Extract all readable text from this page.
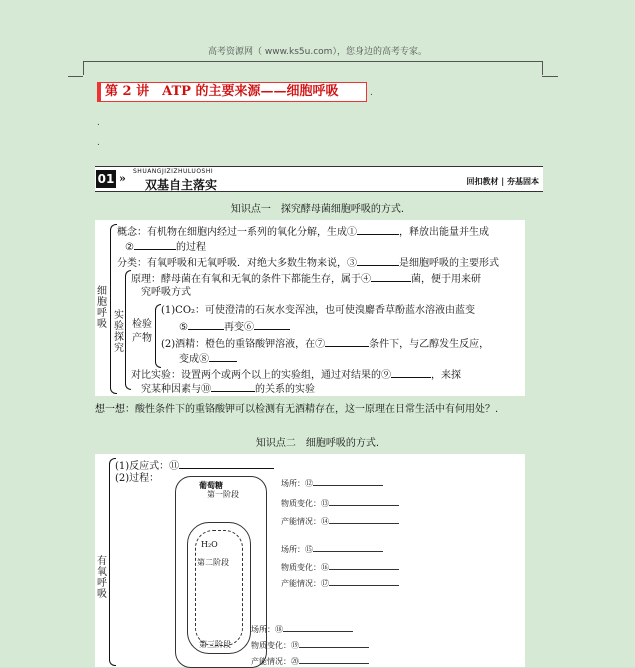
高考资源网（ www.ks5u.com），您身边的高考专家。
第 2 讲　ATP 的主要来源——细胞呼吸	.
.
.
01 »
SHUANGJIZIZHULUOSHI
双基自主落实	回扣教材 | 夯基固本
知识点一　探究酵母菌细胞呼吸的方式.
细胞呼吸
概念：有机物在细胞内经过一系列的氧化分解，生成①	，释放出能量并生成
②	的过程
分类：有氧呼吸和无氧呼吸．对绝大多数生物来说，③	是细胞呼吸的主要形式
原理：酵母菌在有氧和无氧的条件下都能生存，属于④	菌，便于用来研
究呼吸方式
实验探究
检验产物
(1)CO₂：可使澄清的石灰水变浑浊，也可使溴麝香草酚蓝水溶液由蓝变
⑤	再变⑥
(2)酒精：橙色的重铬酸钾溶液，在⑦	条件下，与乙醇发生反应，
变成⑧
对比实验：设置两个或两个以上的实验组，通过对结果的⑨	，来探
究某种因素与⑩	的关系的实验
想一想：酸性条件下的重铬酸钾可以检测有无酒精存在，这一原理在日常生活中有何用处？.
知识点二　细胞呼吸的方式.
有氧呼吸
(1)反应式：⑪
(2)过程：
葡萄糖
第一阶段
H₂O
第二阶段
第三阶段
场所：⑫
物质变化：⑬
产能情况：⑭
场所：⑮
物质变化：⑯
产能情况：⑰
场所：⑱
物质变化：⑲
产能情况：⑳
